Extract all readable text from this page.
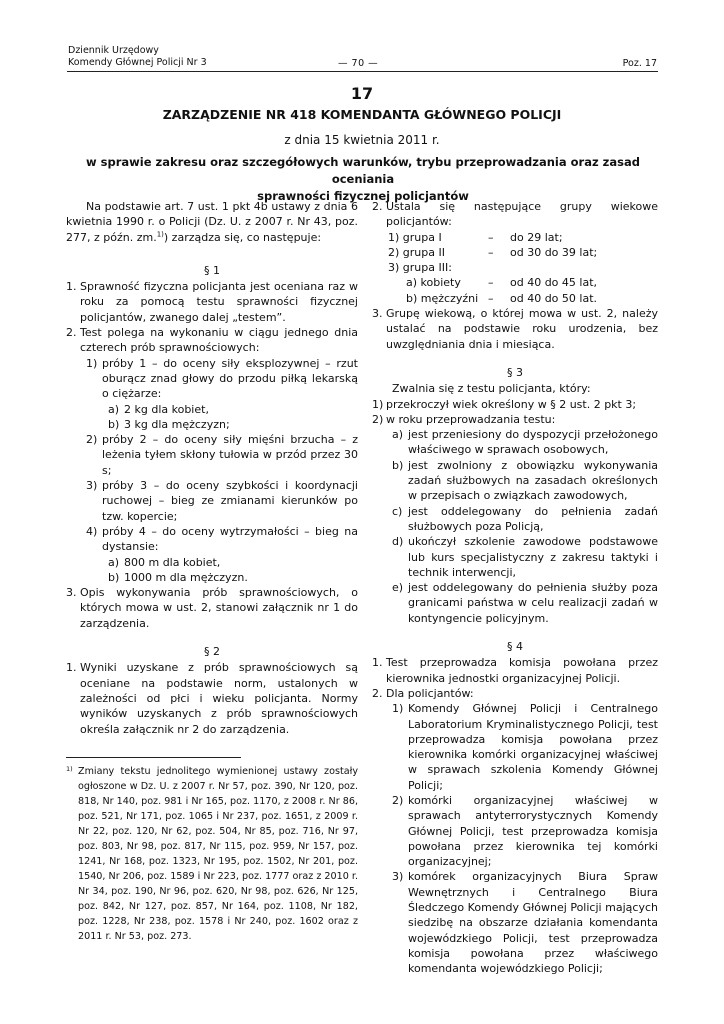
Dziennik Urzędowy
Komendy Głównej Policji Nr 3	— 70 —	Poz. 17
17
ZARZĄDZENIE NR 418 KOMENDANTA GŁÓWNEGO POLICJI
z dnia 15 kwietnia 2011 r.
w sprawie zakresu oraz szczegółowych warunków, trybu przeprowadzania oraz zasad oceniania
sprawności fizycznej policjantów

Na podstawie art. 7 ust. 1 pkt 4b ustawy z dnia 6 kwietnia 1990 r. o Policji (Dz. U. z 2007 r. Nr 43, poz. 277, z późn. zm.$^{1)}$) zarządza się, co następuje:

§ 1

1. Sprawność fizyczna policjanta jest oceniana raz w roku za pomocą testu sprawności fizycznej policjantów, zwanego dalej „testem”.

2. Test polega na wykonaniu w ciągu jednego dnia czterech prób sprawnościowych:

1) próby 1 – do oceny siły eksplozywnej – rzut oburącz znad głowy do przodu piłką lekarską o ciężarze:

a) 2 kg dla kobiet,

b) 3 kg dla mężczyzn;

2) próby 2 – do oceny siły mięśni brzucha – z leżenia tyłem skłony tułowia w przód przez 30 s;

3) próby 3 – do oceny szybkości i koordynacji ruchowej – bieg ze zmianami kierunków po tzw. kopercie;

4) próby 4 – do oceny wytrzymałości – bieg na dystansie:

a) 800 m dla kobiet,

b) 1000 m dla mężczyzn.

3. Opis wykonywania prób sprawnościowych, o których mowa w ust. 2, stanowi załącznik nr 1 do zarządzenia.

§ 2

1. Wyniki uzyskane z prób sprawnościowych są oceniane na podstawie norm, ustalonych w zależności od płci i wieku policjanta. Normy wyników uzyskanych z prób sprawnościowych określa załącznik nr 2 do zarządzenia.

1) Zmiany tekstu jednolitego wymienionej ustawy zostały ogłoszone w Dz. U. z 2007 r. Nr 57, poz. 390, Nr 120, poz. 818, Nr 140, poz. 981 i Nr 165, poz. 1170, z 2008 r. Nr 86, poz. 521, Nr 171, poz. 1065 i Nr 237, poz. 1651, z 2009 r. Nr 22, poz. 120, Nr 62, poz. 504, Nr 85, poz. 716, Nr 97, poz. 803, Nr 98, poz. 817, Nr 115, poz. 959, Nr 157, poz. 1241, Nr 168, poz. 1323, Nr 195, poz. 1502, Nr 201, poz. 1540, Nr 206, poz. 1589 i Nr 223, poz. 1777 oraz z 2010 r. Nr 34, poz. 190, Nr 96, poz. 620, Nr 98, poz. 626, Nr 125, poz. 842, Nr 127, poz. 857, Nr 164, poz. 1108, Nr 182, poz. 1228, Nr 238, poz. 1578 i Nr 240, poz. 1602 oraz z 2011 r. Nr 53, poz. 273.

2. Ustala się następujące grupy wiekowe policjantów:

1) grupa I	– do 29 lat;
2) grupa II	– od 30 do 39 lat;
3) grupa III:
a) kobiety – od 40 do 45 lat,
b) mężczyźni – od 40 do 50 lat.

3. Grupę wiekową, o której mowa w ust. 2, należy ustalać na podstawie roku urodzenia, bez uwzględniania dnia i miesiąca.

§ 3

Zwalnia się z testu policjanta, który:

1) przekroczył wiek określony w § 2 ust. 2 pkt 3;

2) w roku przeprowadzania testu:

a) jest przeniesiony do dyspozycji przełożonego właściwego w sprawach osobowych,

b) jest zwolniony z obowiązku wykonywania zadań służbowych na zasadach określonych w przepisach o związkach zawodowych,

c) jest oddelegowany do pełnienia zadań służbowych poza Policją,

d) ukończył szkolenie zawodowe podstawowe lub kurs specjalistyczny z zakresu taktyki i technik interwencji,

e) jest oddelegowany do pełnienia służby poza granicami państwa w celu realizacji zadań w kontyngencie policyjnym.

§ 4

1. Test przeprowadza komisja powołana przez kierownika jednostki organizacyjnej Policji.

2. Dla policjantów:

1) Komendy Głównej Policji i Centralnego Laboratorium Kryminalistycznego Policji, test przeprowadza komisja powołana przez kierownika komórki organizacyjnej właściwej w sprawach szkolenia Komendy Głównej Policji;

2) komórki organizacyjnej właściwej w sprawach antyterrorystycznych Komendy Głównej Policji, test przeprowadza komisja powołana przez kierownika tej komórki organizacyjnej;

3) komórek organizacyjnych Biura Spraw Wewnętrznych i Centralnego Biura Śledczego Komendy Głównej Policji mających siedzibę na obszarze działania komendanta wojewódzkiego Policji, test przeprowadza komisja powołana przez właściwego komendanta wojewódzkiego Policji;
